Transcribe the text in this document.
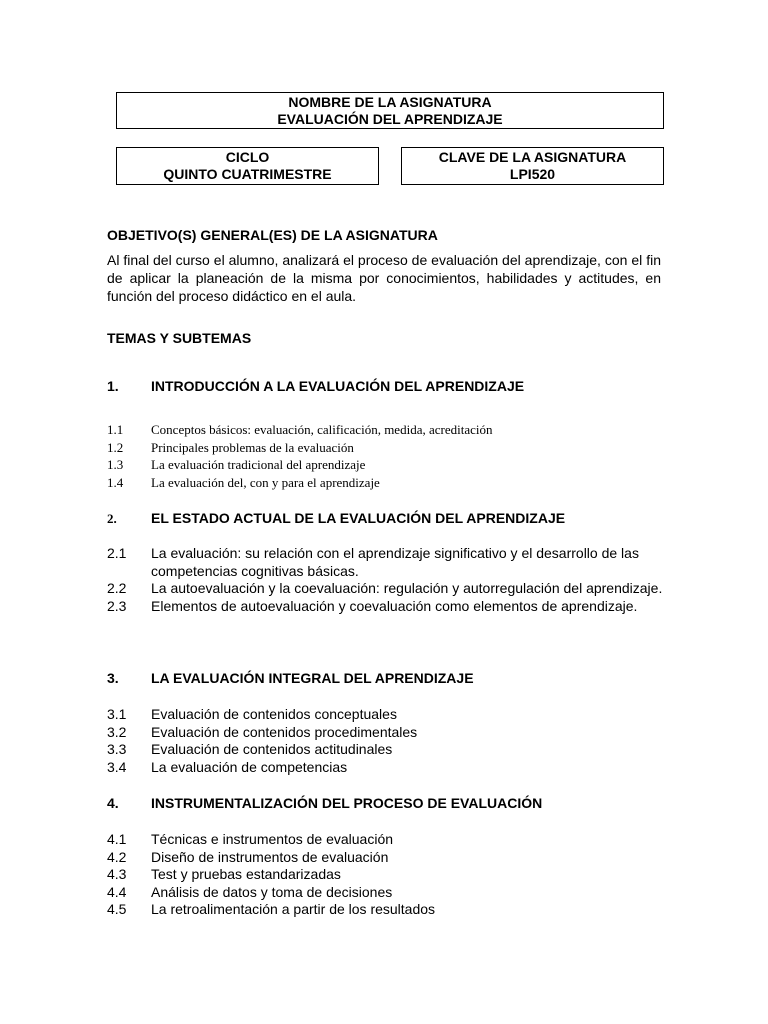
NOMBRE DE LA ASIGNATURA
EVALUACIÓN DEL APRENDIZAJE
CICLO
QUINTO CUATRIMESTRE
CLAVE DE LA ASIGNATURA
LPI520
OBJETIVO(S) GENERAL(ES) DE LA ASIGNATURA
Al final del curso el alumno, analizará el proceso de evaluación del aprendizaje, con el fin de aplicar la planeación de la misma por conocimientos, habilidades y actitudes, en función del proceso didáctico en el aula.
TEMAS Y SUBTEMAS
1. INTRODUCCIÓN A LA EVALUACIÓN DEL APRENDIZAJE
1.1 Conceptos básicos: evaluación, calificación, medida, acreditación
1.2 Principales problemas de la evaluación
1.3 La evaluación tradicional del aprendizaje
1.4 La evaluación del, con y para el aprendizaje
2. EL ESTADO ACTUAL DE LA EVALUACIÓN DEL APRENDIZAJE
2.1 La evaluación: su relación con el aprendizaje significativo y el desarrollo de las competencias cognitivas básicas.
2.2 La autoevaluación y la coevaluación: regulación y autorregulación del aprendizaje.
2.3 Elementos de autoevaluación y coevaluación como elementos de aprendizaje.
3. LA EVALUACIÓN INTEGRAL DEL APRENDIZAJE
3.1 Evaluación de contenidos conceptuales
3.2 Evaluación de contenidos procedimentales
3.3 Evaluación de contenidos actitudinales
3.4 La evaluación de competencias
4. INSTRUMENTALIZACIÓN DEL PROCESO DE EVALUACIÓN
4.1 Técnicas e instrumentos de evaluación
4.2 Diseño de instrumentos de evaluación
4.3 Test y pruebas estandarizadas
4.4 Análisis de datos y toma de decisiones
4.5 La retroalimentación a partir de los resultados
